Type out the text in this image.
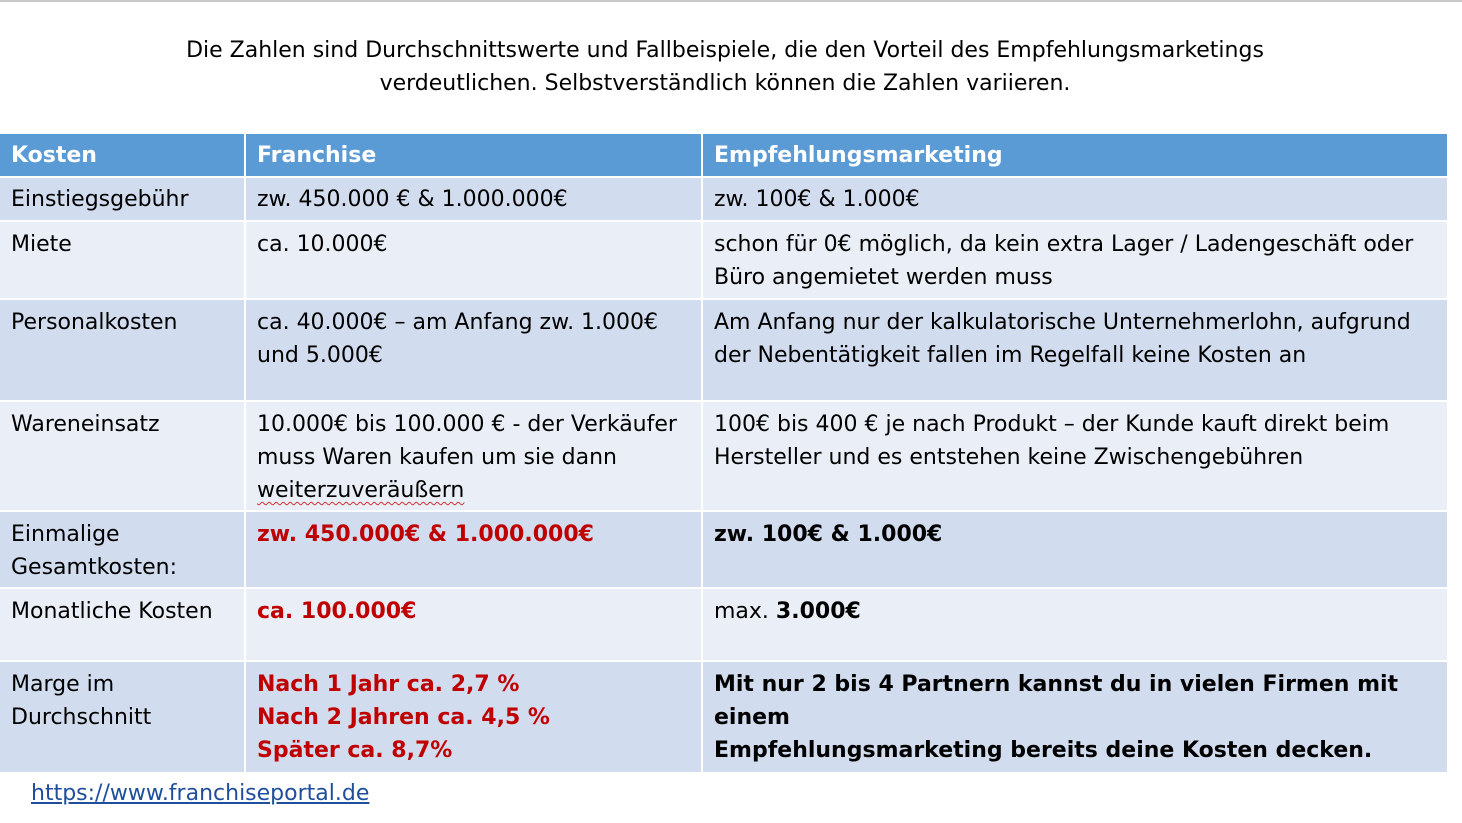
Die Zahlen sind Durchschnittswerte und Fallbeispiele, die den Vorteil des Empfehlungsmarketings
verdeutlichen. Selbstverständlich können die Zahlen variieren.

Kosten	Franchise	Empfehlungsmarketing
Einstiegsgebühr	zw. 450.000 € & 1.000.000€	zw. 100€ & 1.000€
Miete	ca. 10.000€	schon für 0€ möglich, da kein extra Lager / Ladengeschäft oder
Büro angemietet werden muss

Personalkosten	ca. 40.000€ – am Anfang zw. 1.000€
und 5.000€	Am Anfang nur der kalkulatorische Unternehmerlohn, aufgrund
der Nebentätigkeit fallen im Regelfall keine Kosten an

Wareneinsatz	10.000€ bis 100.000 € - der Verkäufer
muss Waren kaufen um sie dann
weiterzuveräußern	100€ bis 400 € je nach Produkt – der Kunde kauft direkt beim
Hersteller und es entstehen keine Zwischengebühren

Einmalige
Gesamtkosten:	zw. 450.000€ & 1.000.000€	zw. 100€ & 1.000€
Monatliche Kosten	ca. 100.000€	max. 3.000€

Marge im
Durchschnitt	Nach 1 Jahr ca. 2,7 %
Nach 2 Jahren ca. 4,5 %
Später ca. 8,7%	Mit nur 2 bis 4 Partnern kannst du in vielen Firmen mit einem
Empfehlungsmarketing bereits deine Kosten decken.
https://www.franchiseportal.de
